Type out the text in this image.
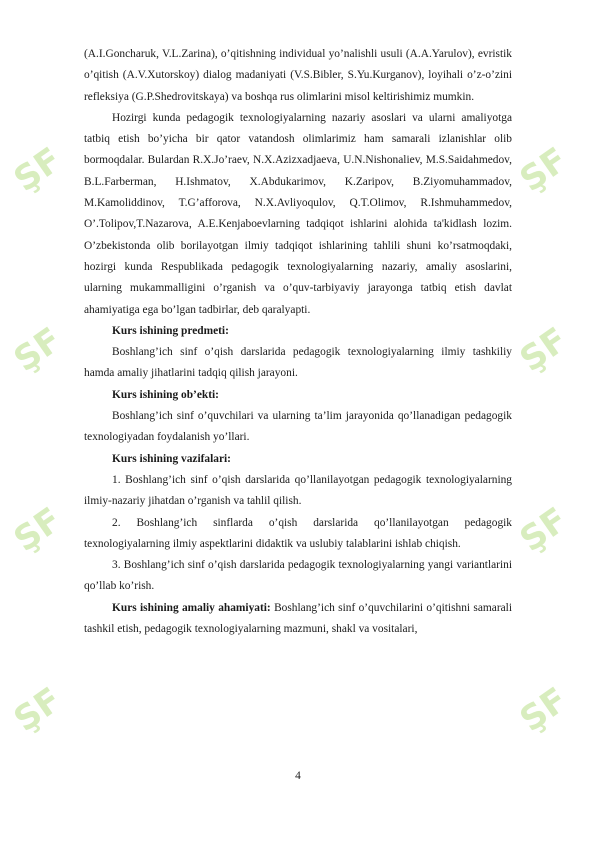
ŞF
ŞF
ŞF
ŞF
ŞF
ŞF
ŞF
ŞF

(A.I.Goncharuk, V.L.Zarina), o’qitishning individual yo’nalishli usuli (A.A.Yarulov), evristik o’qitish (A.V.Xutorskoy) dialog madaniyati (V.S.Bibler, S.Yu.Kurganov), loyihali o’z-o’zini refleksiya (G.P.Shedrovitskaya) va boshqa rus olimlarini misol keltirishimiz mumkin.

Hozirgi kunda pedagogik texnologiyalarning nazariy asoslari va ularni amaliyotga tatbiq etish bo’yicha bir qator vatandosh olimlarimiz ham samarali izlanishlar olib bormoqdalar. Bulardan R.X.Jo’raev, N.X.Azizxadjaeva, U.N.Nishonaliev, M.S.Saidahmedov, B.L.Farberman, H.Ishmatov, X.Abdukarimov, K.Zaripov, B.Ziyomuhammadov, M.Kamoliddinov, T.G’afforova, N.X.Avliyoqulov, Q.T.Olimov, R.Ishmuhammedov, O’.Tolipov,T.Nazarova, A.E.Kenjaboevlarning tadqiqot ishlarini alohida ta'kidlash lozim. O’zbekistonda olib borilayotgan ilmiy tadqiqot ishlarining tahlili shuni ko’rsatmoqdaki, hozirgi kunda Respublikada pedagogik texnologiyalarning nazariy, amaliy asoslarini, ularning mukammalligini o’rganish va o’quv-tarbiyaviy jarayonga tatbiq etish davlat ahamiyatiga ega bo’lgan tadbirlar, deb qaralyapti.

Kurs ishining predmeti:

Boshlang’ich sinf o’qish darslarida pedagogik texnologiyalarning ilmiy tashkiliy hamda amaliy jihatlarini tadqiq qilish jarayoni.

Kurs ishining ob’ekti:

Boshlang’ich sinf o’quvchilari va ularning ta’lim jarayonida qo’llanadigan pedagogik texnologiyadan foydalanish yo’llari.

Kurs ishining vazifalari:

1. Boshlang’ich sinf o’qish darslarida qo’llanilayotgan pedagogik texnologiyalarning ilmiy-nazariy jihatdan o’rganish va tahlil qilish.

2. Boshlang’ich sinflarda o’qish darslarida qo’llanilayotgan pedagogik texnologiyalarning ilmiy aspektlarini didaktik va uslubiy talablarini ishlab chiqish.

3. Boshlang’ich sinf o’qish darslarida pedagogik texnologiyalarning yangi variantlarini qo’llab ko’rish.

Kurs ishining amaliy ahamiyati: Boshlang’ich sinf o’quvchilarini o’qitishni samarali tashkil etish, pedagogik texnologiyalarning mazmuni, shakl va vositalari,

4
